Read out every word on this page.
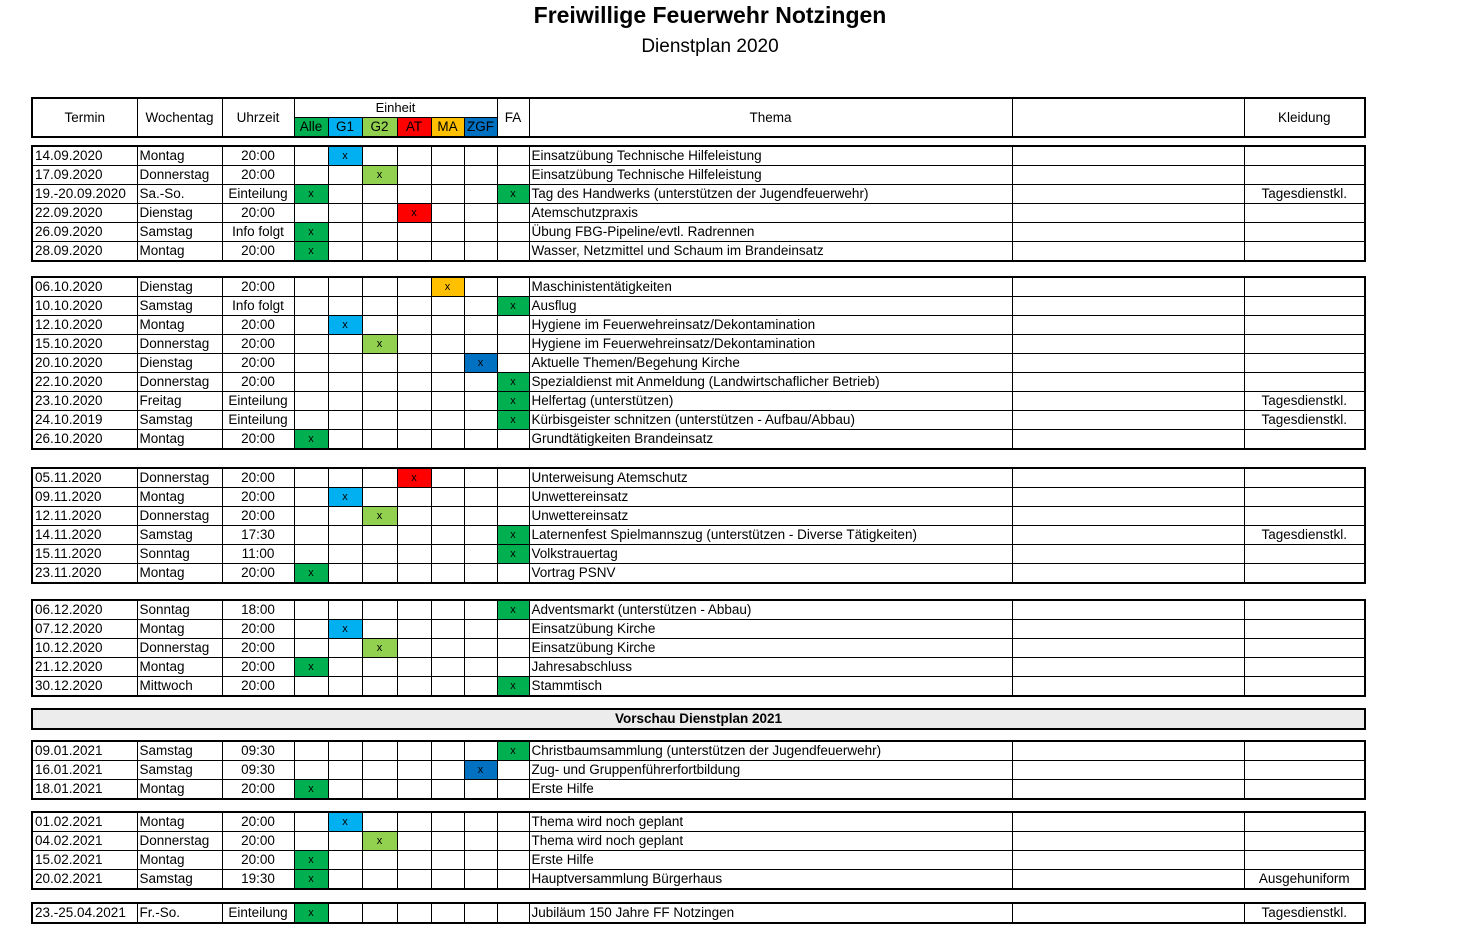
Freiwillige Feuerwehr Notzingen
Dienstplan 2020
Termin	Wochentag	Uhrzeit	Einheit						FA	Thema		Kleidung
			Alle	G1	G2	AT	MA	ZGF				
14.09.2020	Montag	20:00		x						Einsatzübung Technische Hilfeleistung		
17.09.2020	Donnerstag	20:00			x					Einsatzübung Technische Hilfeleistung		
19.-20.09.2020	Sa.-So.	Einteilung	x						x	Tag des Handwerks (unterstützen der Jugendfeuerwehr)		Tagesdienstkl.
22.09.2020	Dienstag	20:00				x				Atemschutzpraxis		
26.09.2020	Samstag	Info folgt	x							Übung FBG-Pipeline/evtl. Radrennen		
28.09.2020	Montag	20:00	x							Wasser, Netzmittel und Schaum im Brandeinsatz		
06.10.2020	Dienstag	20:00					x			Maschinistentätigkeiten		
10.10.2020	Samstag	Info folgt							x	Ausflug		
12.10.2020	Montag	20:00		x						Hygiene im Feuerwehreinsatz/Dekontamination		
15.10.2020	Donnerstag	20:00			x					Hygiene im Feuerwehreinsatz/Dekontamination		
20.10.2020	Dienstag	20:00						x		Aktuelle Themen/Begehung Kirche		
22.10.2020	Donnerstag	20:00							x	Spezialdienst mit Anmeldung (Landwirtschaflicher Betrieb)		
23.10.2020	Freitag	Einteilung							x	Helfertag (unterstützen)		Tagesdienstkl.
24.10.2019	Samstag	Einteilung							x	Kürbisgeister schnitzen (unterstützen - Aufbau/Abbau)		Tagesdienstkl.
26.10.2020	Montag	20:00	x							Grundtätigkeiten Brandeinsatz		
05.11.2020	Donnerstag	20:00				x				Unterweisung Atemschutz		
09.11.2020	Montag	20:00		x						Unwettereinsatz		
12.11.2020	Donnerstag	20:00			x					Unwettereinsatz		
14.11.2020	Samstag	17:30							x	Laternenfest Spielmannszug (unterstützen - Diverse Tätigkeiten)		Tagesdienstkl.
15.11.2020	Sonntag	11:00							x	Volkstrauertag		
23.11.2020	Montag	20:00	x							Vortrag PSNV		
06.12.2020	Sonntag	18:00							x	Adventsmarkt (unterstützen - Abbau)		
07.12.2020	Montag	20:00		x						Einsatzübung Kirche		
10.12.2020	Donnerstag	20:00			x					Einsatzübung Kirche		
21.12.2020	Montag	20:00	x							Jahresabschluss		
30.12.2020	Mittwoch	20:00							x	Stammtisch		
Vorschau Dienstplan 2021
09.01.2021	Samstag	09:30							x	Christbaumsammlung (unterstützen der Jugendfeuerwehr)		
16.01.2021	Samstag	09:30						x		Zug- und Gruppenführerfortbildung		
18.01.2021	Montag	20:00	x							Erste Hilfe		
01.02.2021	Montag	20:00		x						Thema wird noch geplant		
04.02.2021	Donnerstag	20:00			x					Thema wird noch geplant		
15.02.2021	Montag	20:00	x							Erste Hilfe		
20.02.2021	Samstag	19:30	x							Hauptversammlung Bürgerhaus		Ausgehuniform
23.-25.04.2021	Fr.-So.	Einteilung	x							Jubiläum 150 Jahre FF Notzingen		Tagesdienstkl.
